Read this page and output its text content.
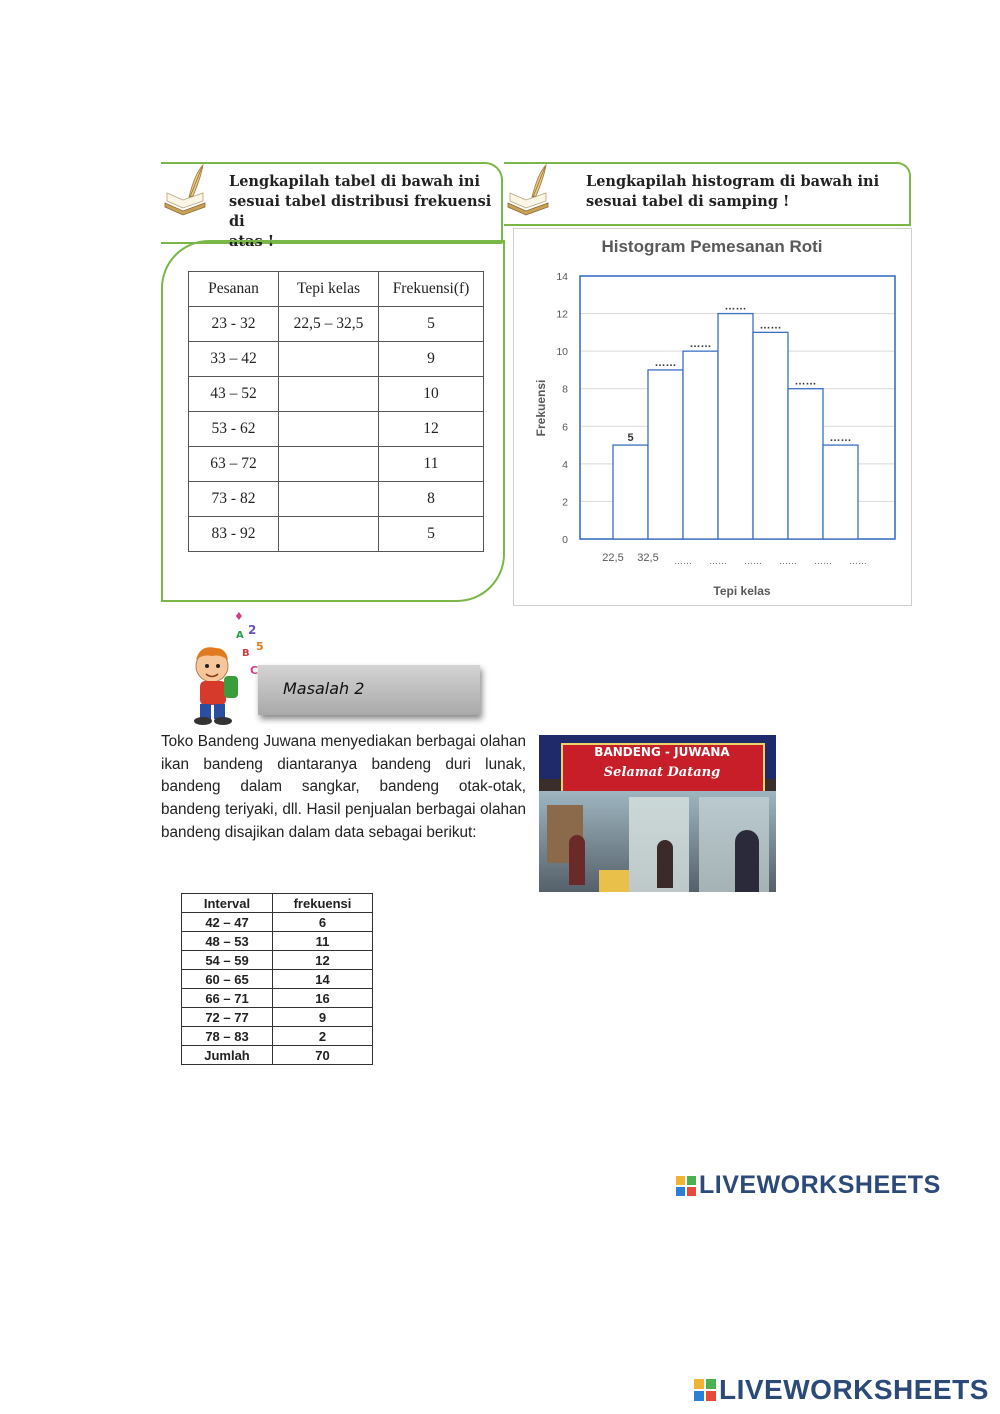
Lengkapilah tabel di bawah ini
sesuai tabel distribusi frekuensi di
atas !
Lengkapilah histogram di bawah ini
sesuai tabel di samping !
Pesanan	Tepi kelas	Frekuensi(f)
23 - 32	22,5 – 32,5	5
33 – 42		9
43 – 52		10
53 - 62		12
63 – 72		11
73 - 82		8
83 - 92		5
Histogram Pemesanan Roti
0
2
4
6
8
10
12
14
5
……
……
……
……
……
……
22,5 32,5 …… …… …… …… …… ……
Tepi kelas
Frekuensi
♦
2
A
5
B
C
Masalah 2
Toko Bandeng Juwana menyediakan berbagai olahan ikan bandeng diantaranya bandeng duri lunak, bandeng dalam sangkar, bandeng otak-otak, bandeng teriyaki, dll. Hasil penjualan berbagai olahan bandeng disajikan dalam data sebagai berikut:
BANDENG - JUWANA
Selamat Datang
Interval	frekuensi
42 – 47	6
48 – 53	11
54 – 59	12
60 – 65	14
66 – 71	16
72 – 77	9
78 – 83	2
Jumlah	70
LIVEWORKSHEETS
LIVEWORKSHEETS
